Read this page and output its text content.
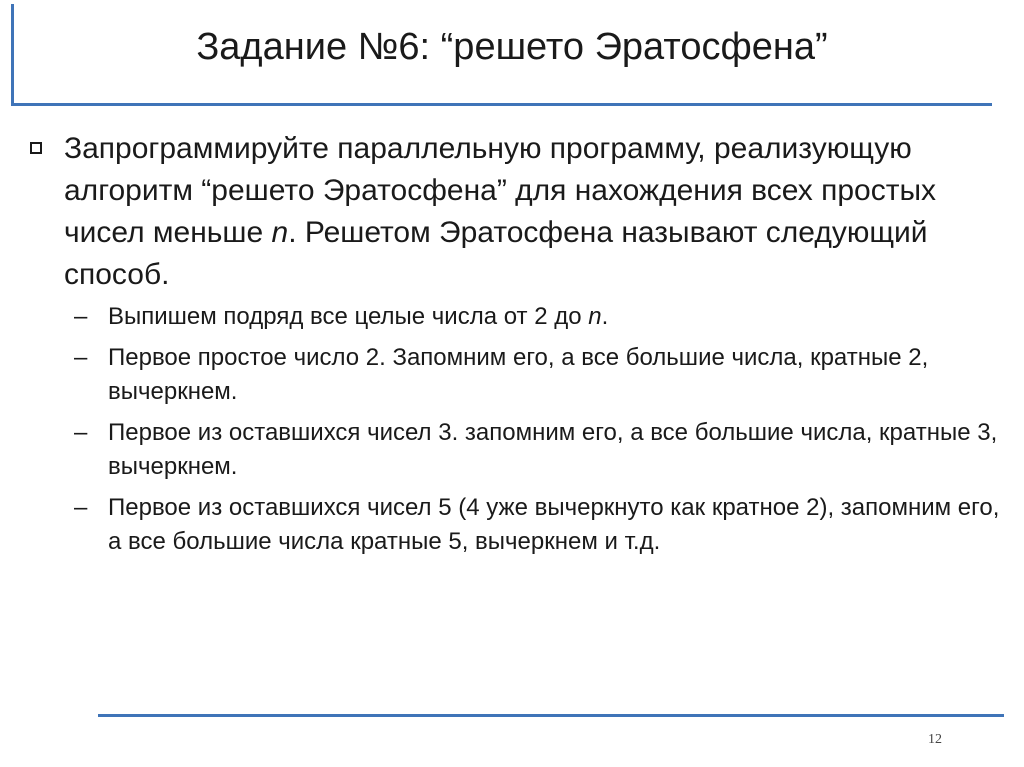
Задание №6: “решето Эратосфена”
Запрограммируйте параллельную программу, реализующую алгоритм “решето Эратосфена” для нахождения всех простых чисел меньше n. Решетом Эратосфена называют следующий способ.
– Выпишем подряд все целые числа от 2 до n.
– Первое простое число 2. Запомним его, а все большие числа, кратные 2, вычеркнем.
– Первое из оставшихся чисел 3. запомним его, а все большие числа, кратные 3, вычеркнем.
– Первое из оставшихся чисел 5 (4 уже вычеркнуто как кратное 2), запомним его, а все большие числа кратные 5, вычеркнем и т.д.
12
